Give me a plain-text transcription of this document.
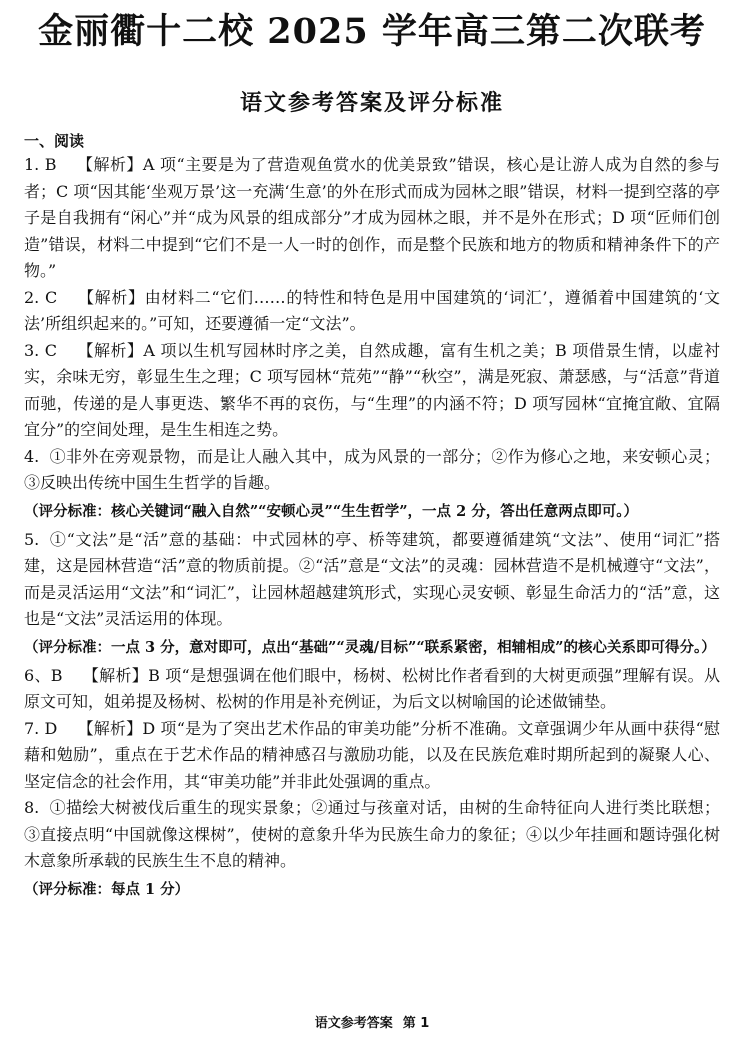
金丽衢十二校 2025 学年高三第二次联考
语文参考答案及评分标准
一、阅读

1. B 【解析】A 项“主要是为了营造观鱼赏水的优美景致”错误，核心是让游人成为自然的参与者；C 项“因其能‘坐观万景’这一充满‘生意’的外在形式而成为园林之眼”错误，材料一提到空落的亭子是自我拥有“闲心”并“成为风景的组成部分”才成为园林之眼，并不是外在形式；D 项“匠师们创造”错误，材料二中提到“它们不是一人一时的创作，而是整个民族和地方的物质和精神条件下的产物。”

2. C 【解析】由材料二“它们……的特性和特色是用中国建筑的‘词汇’，遵循着中国建筑的‘文法’所组织起来的。”可知，还要遵循一定“文法”。

3. C 【解析】A 项以生机写园林时序之美，自然成趣，富有生机之美；B 项借景生情，以虚衬实，余味无穷，彰显生生之理；C 项写园林“荒苑”“静”“秋空”，满是死寂、萧瑟感，与“活意”背道而驰，传递的是人事更迭、繁华不再的哀伤，与“生理”的内涵不符；D 项写园林“宜掩宜敞、宜隔宜分”的空间处理，是生生相连之势。

4. ①非外在旁观景物，而是让人融入其中，成为风景的一部分；②作为修心之地，来安顿心灵；③反映出传统中国生生哲学的旨趣。

（评分标准：核心关键词“融入自然”“安顿心灵”“生生哲学”，一点 2 分，答出任意两点即可。）

5. ①“文法”是“活”意的基础：中式园林的亭、桥等建筑，都要遵循建筑“文法”、使用“词汇”搭建，这是园林营造“活”意的物质前提。②“活”意是“文法”的灵魂：园林营造不是机械遵守“文法”，而是灵活运用“文法”和“词汇”，让园林超越建筑形式，实现心灵安顿、彰显生命活力的“活”意，这也是“文法”灵活运用的体现。

（评分标准：一点 3 分，意对即可，点出“基础”“灵魂/目标”“联系紧密，相辅相成”的核心关系即可得分。）

6、B 【解析】B 项“是想强调在他们眼中，杨树、松树比作者看到的大树更顽强”理解有误。从原文可知，姐弟提及杨树、松树的作用是补充例证，为后文以树喻国的论述做铺垫。

7. D 【解析】D 项“是为了突出艺术作品的审美功能”分析不准确。文章强调少年从画中获得“慰藉和勉励”，重点在于艺术作品的精神感召与激励功能，以及在民族危难时期所起到的凝聚人心、坚定信念的社会作用，其“审美功能”并非此处强调的重点。

8. ①描绘大树被伐后重生的现实景象；②通过与孩童对话，由树的生命特征向人进行类比联想；③直接点明“中国就像这棵树”，使树的意象升华为民族生命力的象征；④以少年挂画和题诗强化树木意象所承载的民族生生不息的精神。

（评分标准：每点 1 分）

语文参考答案 第 1
